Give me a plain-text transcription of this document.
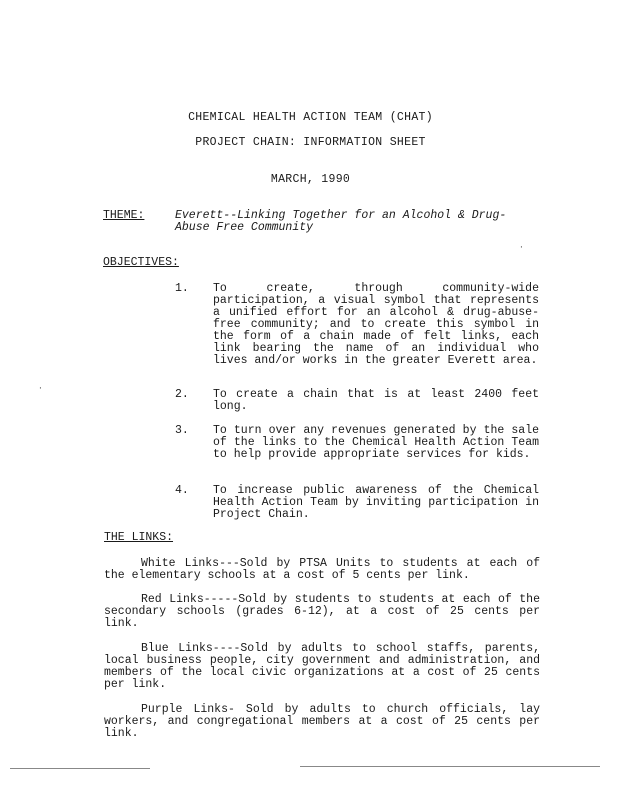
CHEMICAL HEALTH ACTION TEAM (CHAT)
PROJECT CHAIN: INFORMATION SHEET
MARCH, 1990
THEME:	Everett--Linking Together for an Alcohol & Drug-Abuse Free Community
OBJECTIVES:
1.	To create, through community-wide participation, a visual symbol that represents a unified effort for an alcohol & drug-abuse-free community; and to create this symbol in the form of a chain made of felt links, each link bearing the name of an individual who lives and/or works in the greater Everett area.
2.	To create a chain that is at least 2400 feet long.
3.	To turn over any revenues generated by the sale of the links to the Chemical Health Action Team to help provide appropriate services for kids.
4.	To increase public awareness of the Chemical Health Action Team by inviting participation in Project Chain.
THE LINKS:
White Links---Sold by PTSA Units to students at each of the elementary schools at a cost of 5 cents per link.
Red Links-----Sold by students to students at each of the secondary schools (grades 6-12), at a cost of 25 cents per link.
Blue Links----Sold by adults to school staffs, parents, local business people, city government and administration, and members of the local civic organizations at a cost of 25 cents per link.
Purple Links- Sold by adults to church officials, lay workers, and congregational members at a cost of 25 cents per link.
·
·
